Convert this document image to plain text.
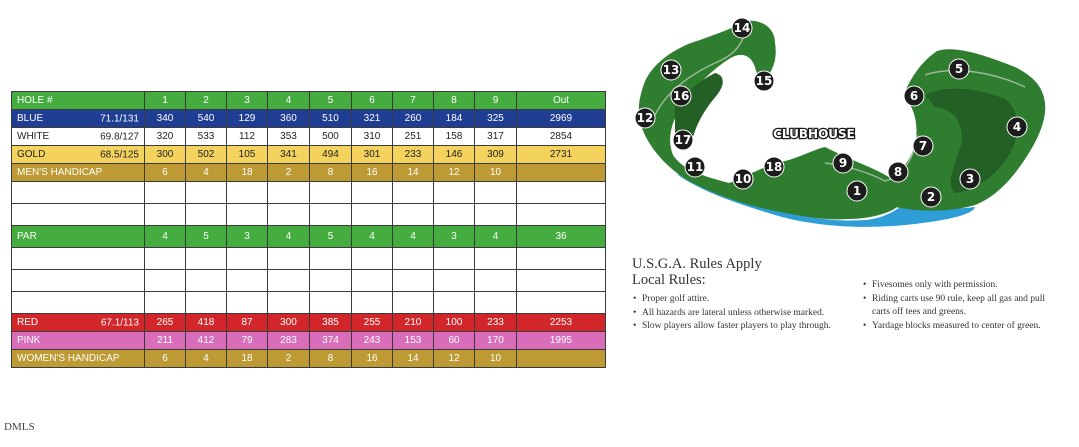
HOLE #	1	2	3	4	5	6	7	8	9	Out
BLUE 71.1/131	340	540	129	360	510	321	260	184	325	2969
WHITE 69.8/127	320	533	112	353	500	310	251	158	317	2854
GOLD 68.5/125	300	502	105	341	494	301	233	146	309	2731
MEN'S HANDICAP	6	4	18	2	8	16	14	12	10	

PAR	4	5	3	4	5	4	4	3	4	36

RED 67.1/113	265	418	87	300	385	255	210	100	233	2253
PINK	211	412	79	283	374	243	153	60	170	1995
WOMEN'S HANDICAP	6	4	18	2	8	16	14	12	10	
1	2
3
4
5
6
7
8
9
10
11
12
13
14
15
16
17
18
CLUBHOUSE
U.S.G.A. Rules Apply
Local Rules:
• Proper golf attire.
• All hazards are lateral unless otherwise marked.
• Slow players allow faster players to play through.
• Fivesomes only with permission.
• Riding carts use 90 rule, keep all gas and pull carts off tees and greens.
• Yardage blocks measured to center of green.
DMLS
